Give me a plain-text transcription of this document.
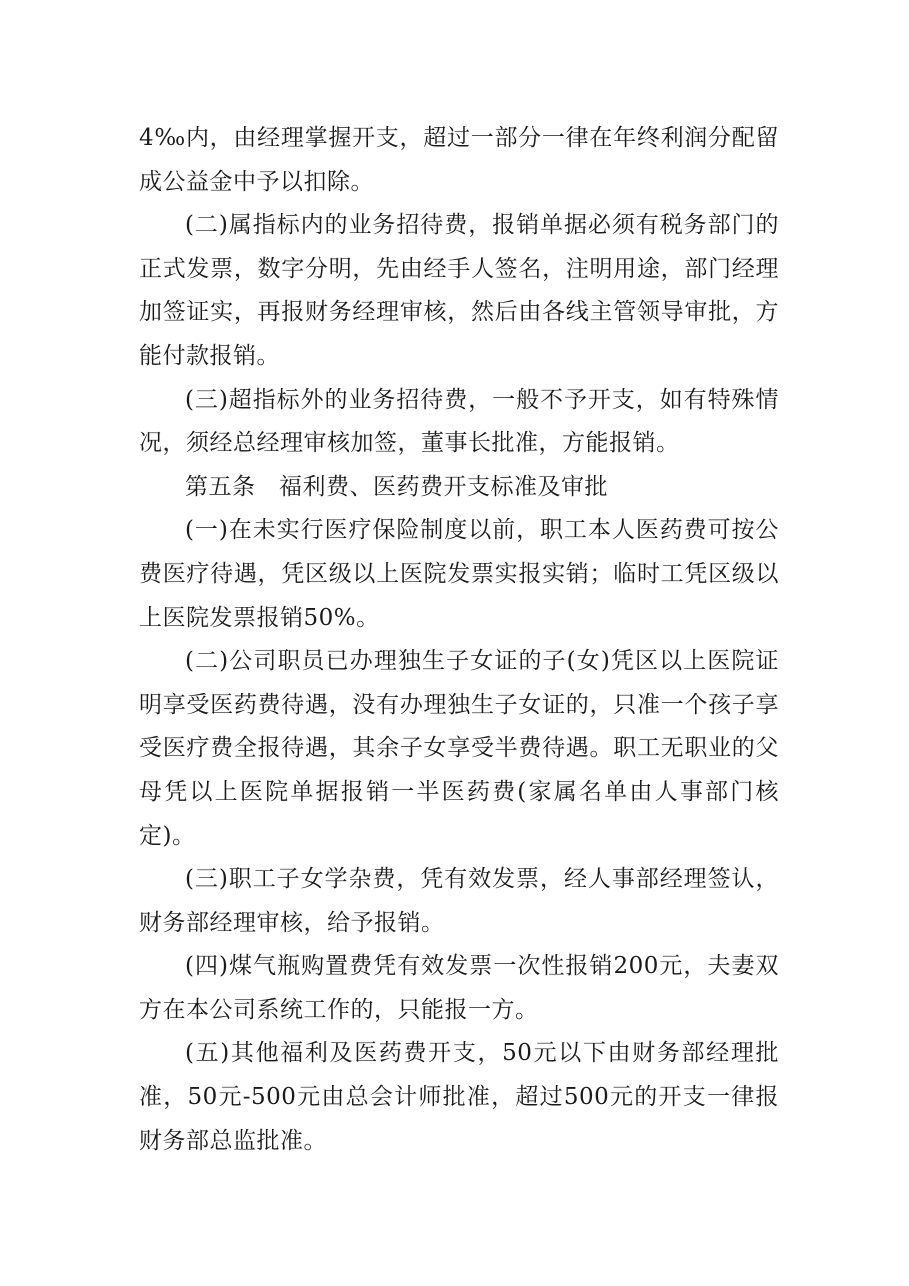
4‰内，由经理掌握开支，超过一部分一律在年终利润分配留成公益金中予以扣除。

(二)属指标内的业务招待费，报销单据必须有税务部门的正式发票，数字分明，先由经手人签名，注明用途，部门经理加签证实，再报财务经理审核，然后由各线主管领导审批，方能付款报销。

(三)超指标外的业务招待费，一般不予开支，如有特殊情况，须经总经理审核加签，董事长批准，方能报销。

第五条　福利费、医药费开支标准及审批

(一)在未实行医疗保险制度以前，职工本人医药费可按公费医疗待遇，凭区级以上医院发票实报实销；临时工凭区级以上医院发票报销50%。

(二)公司职员已办理独生子女证的子(女)凭区以上医院证明享受医药费待遇，没有办理独生子女证的，只准一个孩子享受医疗费全报待遇，其余子女享受半费待遇。职工无职业的父母凭以上医院单据报销一半医药费(家属名单由人事部门核定)。

(三)职工子女学杂费，凭有效发票，经人事部经理签认，财务部经理审核，给予报销。

(四)煤气瓶购置费凭有效发票一次性报销200元，夫妻双方在本公司系统工作的，只能报一方。

(五)其他福利及医药费开支，50元以下由财务部经理批准，50元-500元由总会计师批准，超过500元的开支一律报财务部总监批准。
